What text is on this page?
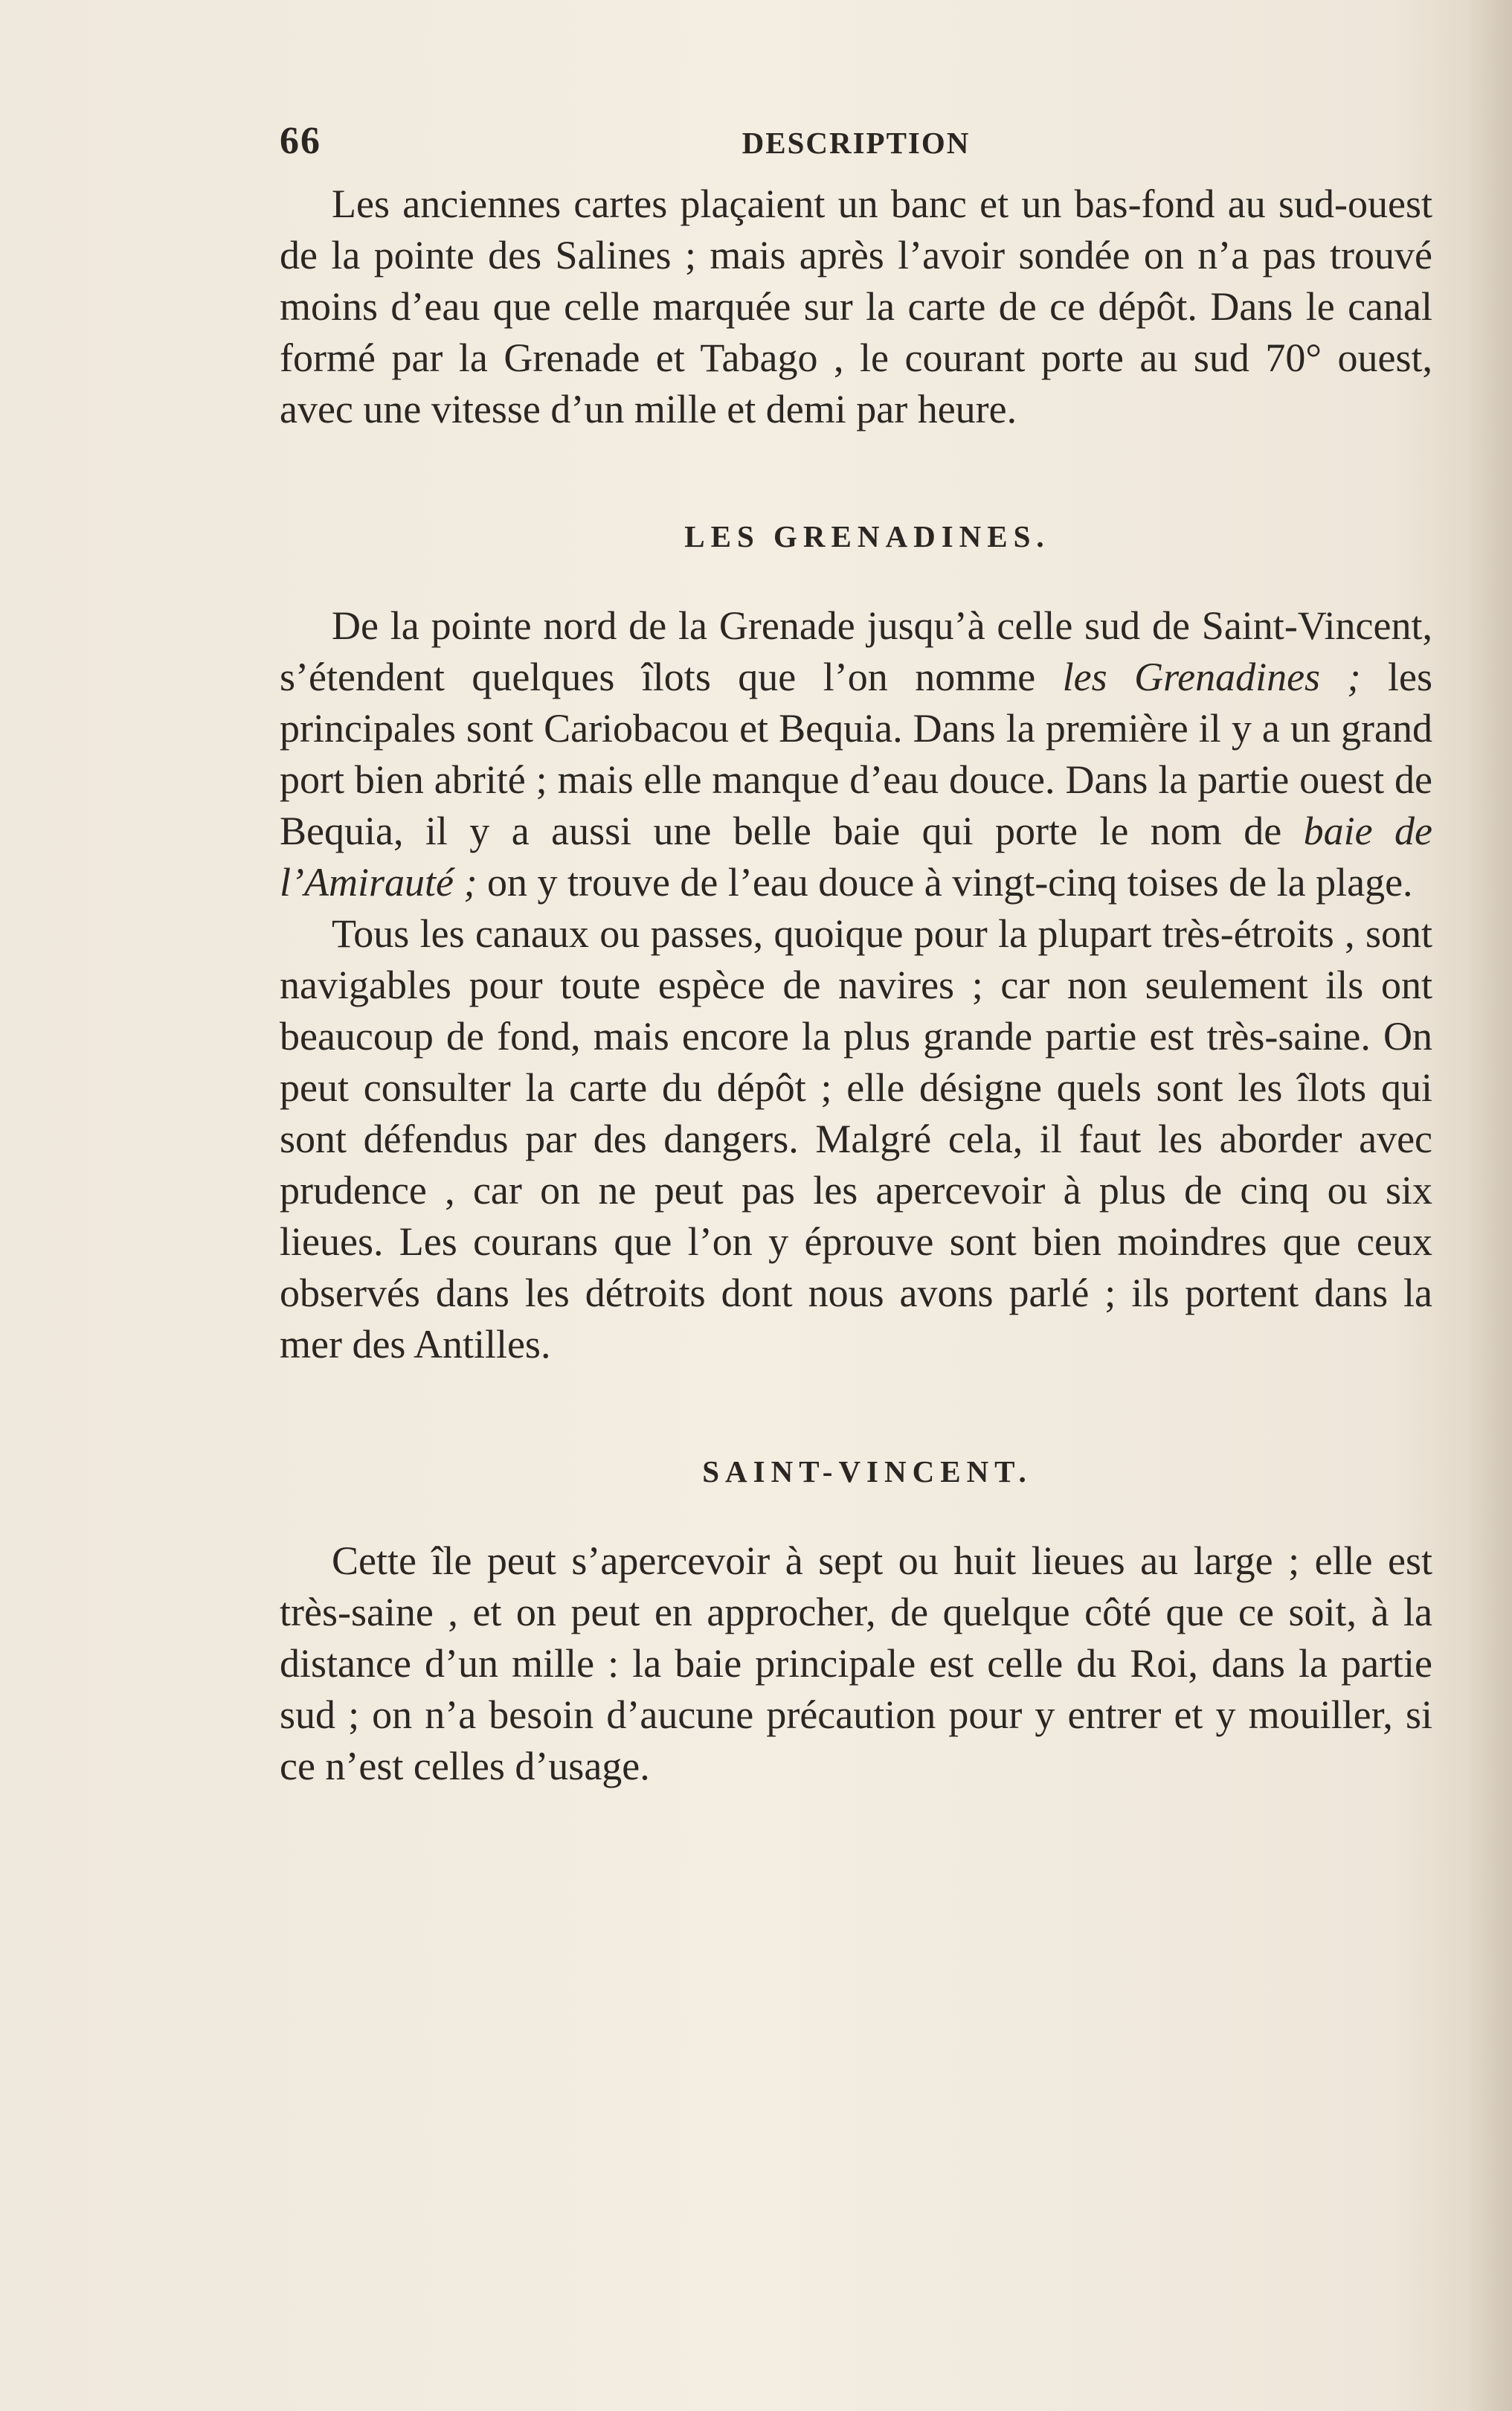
66	DESCRIPTION

Les anciennes cartes plaçaient un banc et un bas-fond au sud-ouest de la pointe des Salines ; mais après l’avoir sondée on n’a pas trouvé moins d’eau que celle marquée sur la carte de ce dépôt. Dans le canal formé par la Grenade et Tabago , le courant porte au sud 70° ouest, avec une vitesse d’un mille et demi par heure.

LES GRENADINES.

De la pointe nord de la Grenade jusqu’à celle sud de Saint-Vincent, s’étendent quelques îlots que l’on nomme les Grenadines ; les principales sont Cariobacou et Bequia. Dans la première il y a un grand port bien abrité ; mais elle manque d’eau douce. Dans la partie ouest de Bequia, il y a aussi une belle baie qui porte le nom de baie de l’Amirauté ; on y trouve de l’eau douce à vingt-cinq toises de la plage.

Tous les canaux ou passes, quoique pour la plupart très-étroits , sont navigables pour toute espèce de navires ; car non seulement ils ont beaucoup de fond, mais encore la plus grande partie est très-saine. On peut consulter la carte du dépôt ; elle désigne quels sont les îlots qui sont défendus par des dangers. Malgré cela, il faut les aborder avec prudence , car on ne peut pas les apercevoir à plus de cinq ou six lieues. Les courans que l’on y éprouve sont bien moindres que ceux observés dans les détroits dont nous avons parlé ; ils portent dans la mer des Antilles.

SAINT-VINCENT.

Cette île peut s’apercevoir à sept ou huit lieues au large ; elle est très-saine , et on peut en approcher, de quelque côté que ce soit, à la distance d’un mille : la baie principale est celle du Roi, dans la partie sud ; on n’a besoin d’aucune précaution pour y entrer et y mouiller, si ce n’est celles d’usage.
